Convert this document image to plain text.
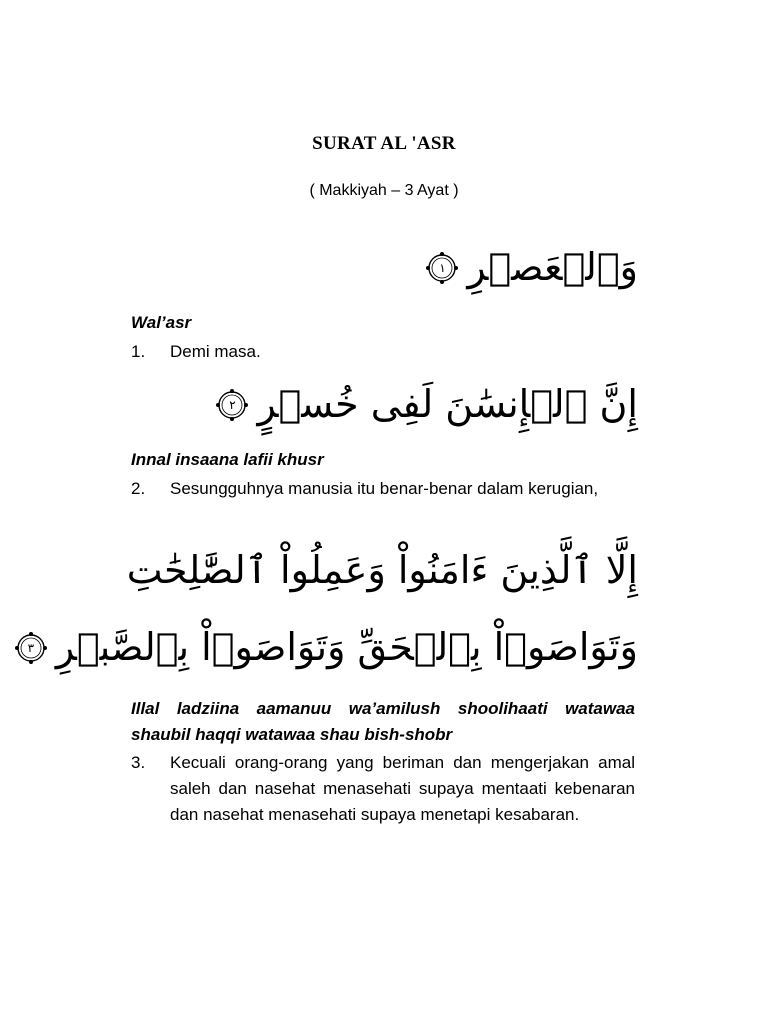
SURAT AL 'ASR
( Makkiyah – 3 Ayat )
وَٱلۡعَصۡرِ
١
Wal’asr
1.	Demi masa.
إِنَّ ٱلۡإِنسَٰنَ لَفِى خُسۡرٍ
٢
Innal insaana lafii khusr
2.	Sesungguhnya manusia itu benar-benar dalam kerugian,
إِلَّا ٱلَّذِينَ ءَامَنُواْ وَعَمِلُواْ ٱلصَّٰلِحَٰتِ
وَتَوَاصَوۡاْ بِٱلۡحَقِّ وَتَوَاصَوۡاْ بِٱلصَّبۡرِ
٣
Illal ladziina aamanuu wa’amilush shoolihaati watawaa shaubil haqqi watawaa shau bish-shobr
3.	Kecuali orang-orang yang beriman dan mengerjakan amal saleh dan nasehat menasehati supaya mentaati kebenaran dan nasehat menasehati supaya menetapi kesabaran.
